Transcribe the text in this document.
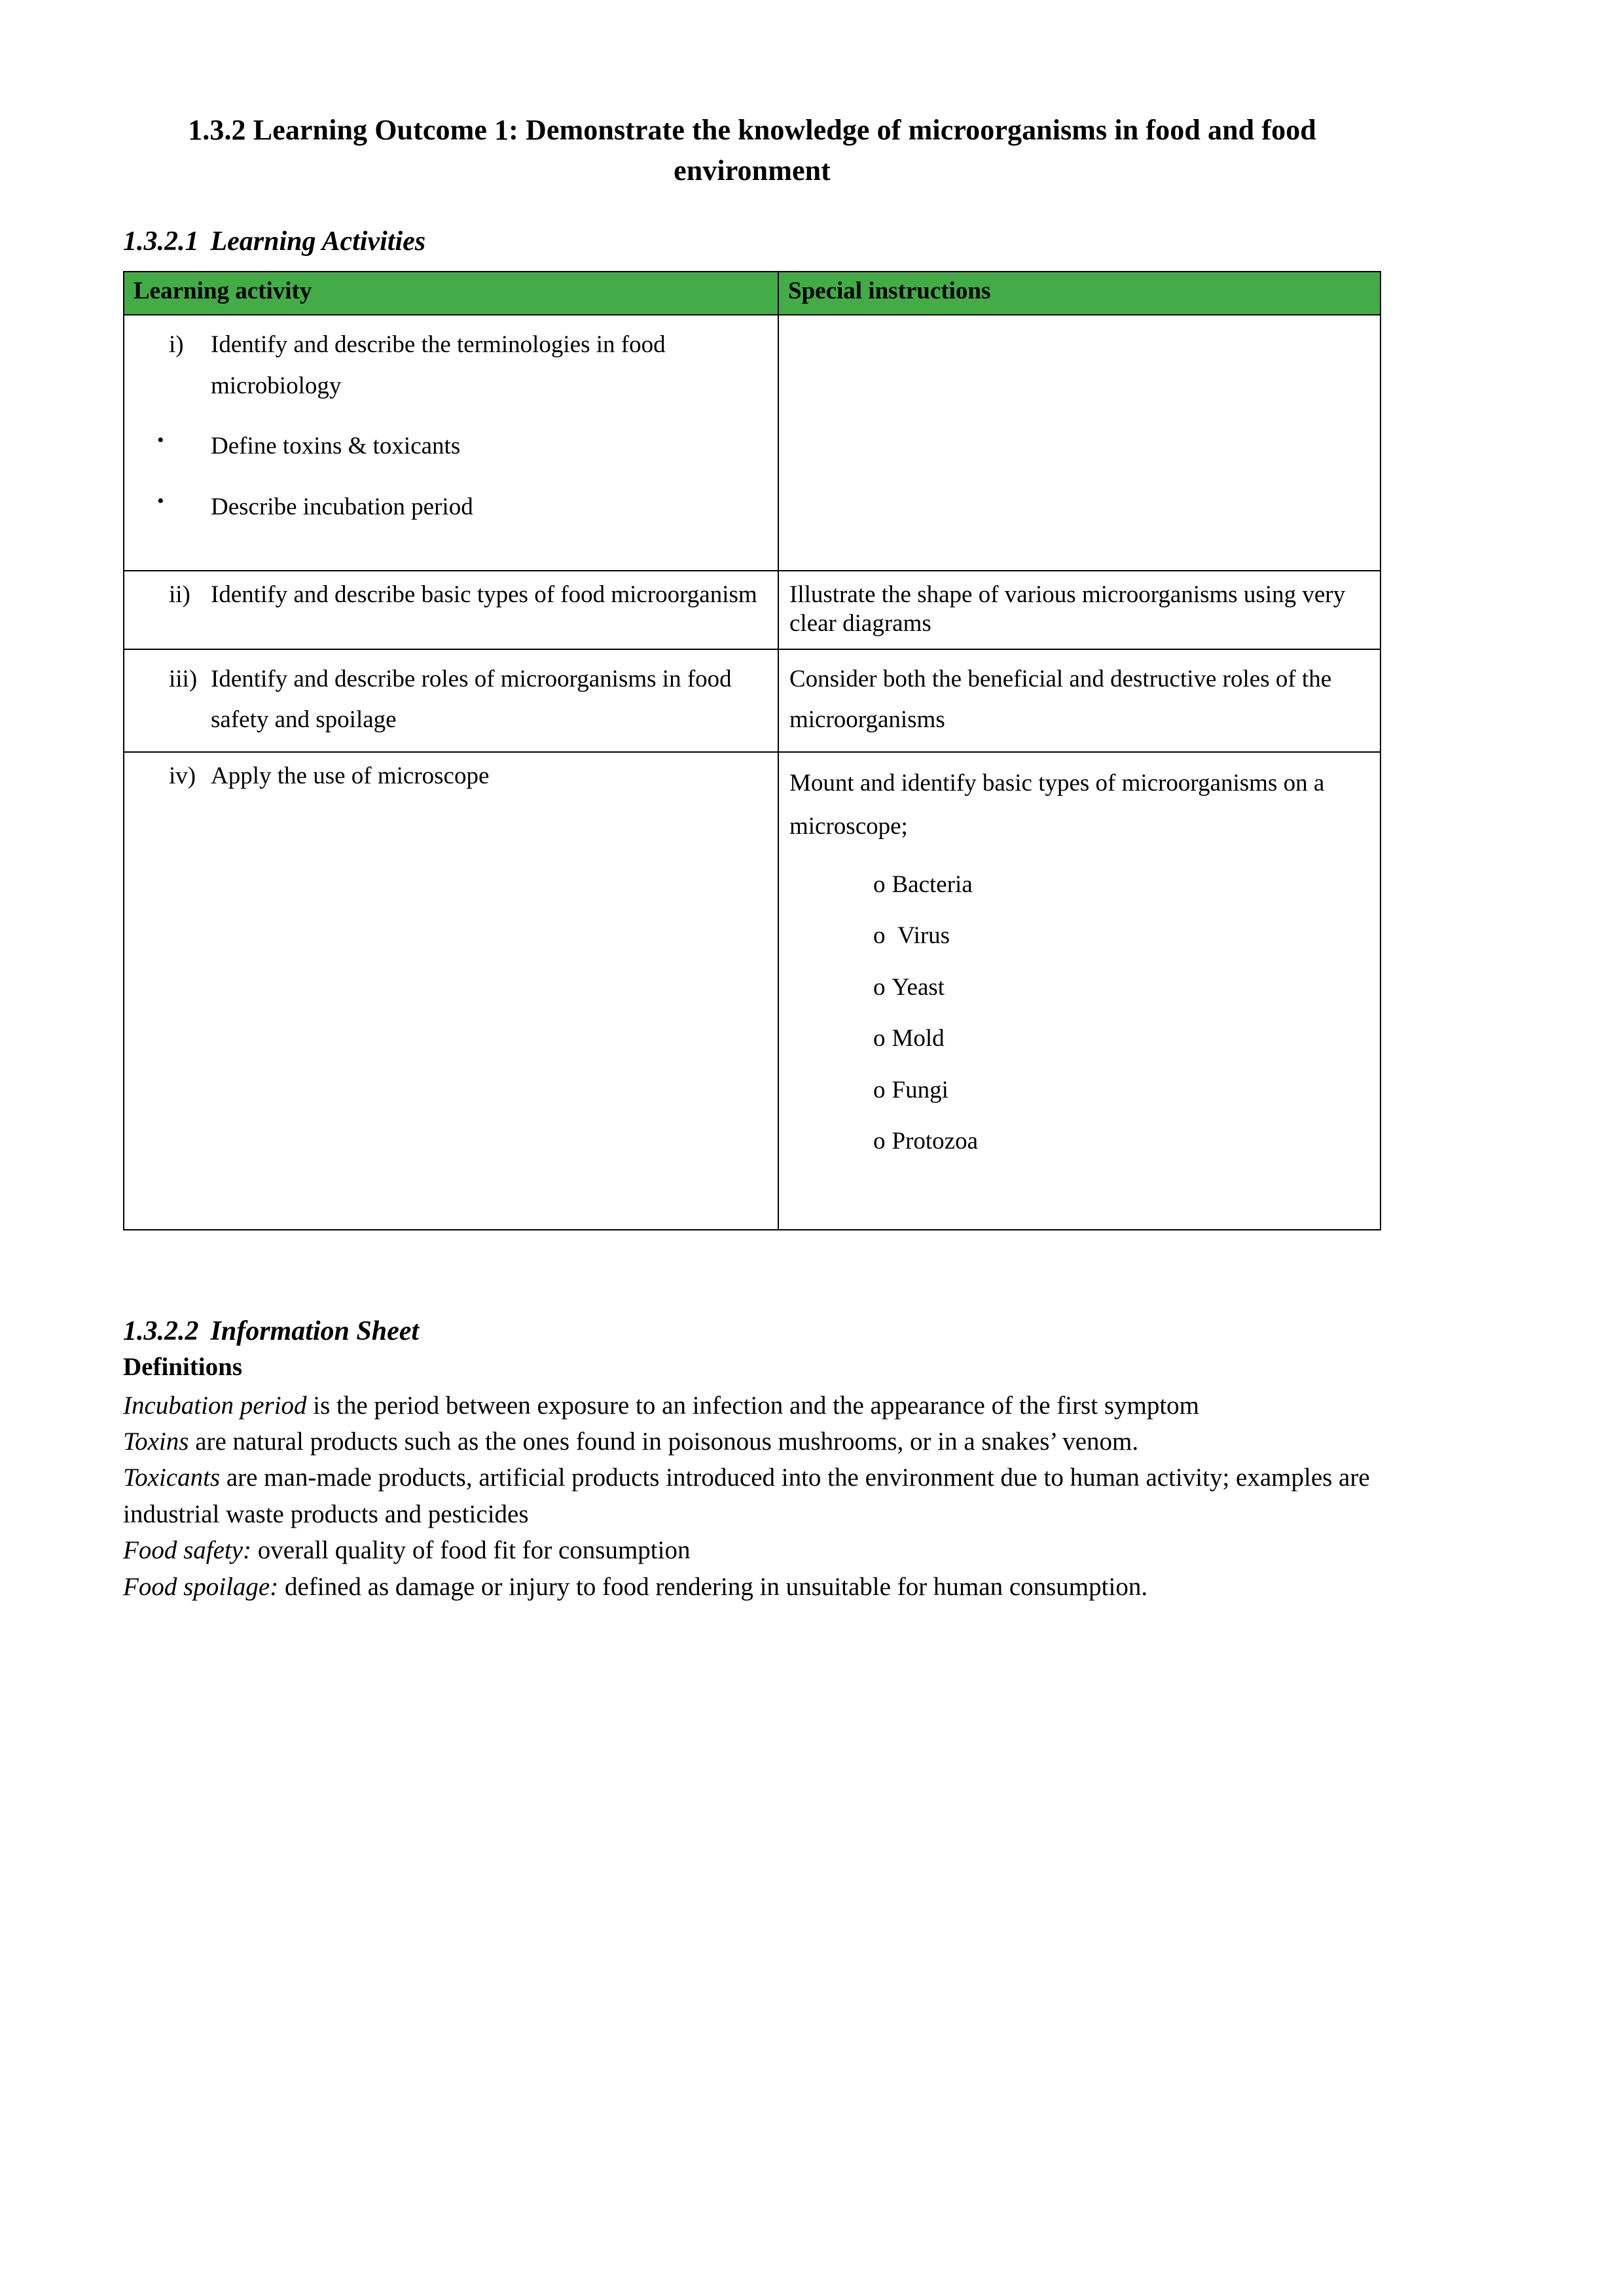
1.3.2 Learning Outcome 1: Demonstrate the knowledge of microorganisms in food and food environment
1.3.2.1 Learning Activities
Learning activity	Special instructions

i)	Identify and describe the terminologies in food microbiology
•	Define toxins & toxicants
•	Describe incubation period

ii) Identify and describe basic types of food microorganism	Illustrate the shape of various microorganisms using very clear diagrams

iii) Identify and describe roles of microorganisms in food safety and spoilage	Consider both the beneficial and destructive roles of the microorganisms

iv) Apply the use of microscope	Mount and identify basic types of microorganisms on a microscope;
o Bacteria
o Virus
o Yeast
o Mold
o Fungi
o Protozoa
1.3.2.2 Information Sheet
Definitions

Incubation period is the period between exposure to an infection and the appearance of the first symptom

Toxins are natural products such as the ones found in poisonous mushrooms, or in a snakes’ venom.

Toxicants are man-made products, artificial products introduced into the environment due to human activity; examples are industrial waste products and pesticides

Food safety: overall quality of food fit for consumption

Food spoilage: defined as damage or injury to food rendering in unsuitable for human consumption.
